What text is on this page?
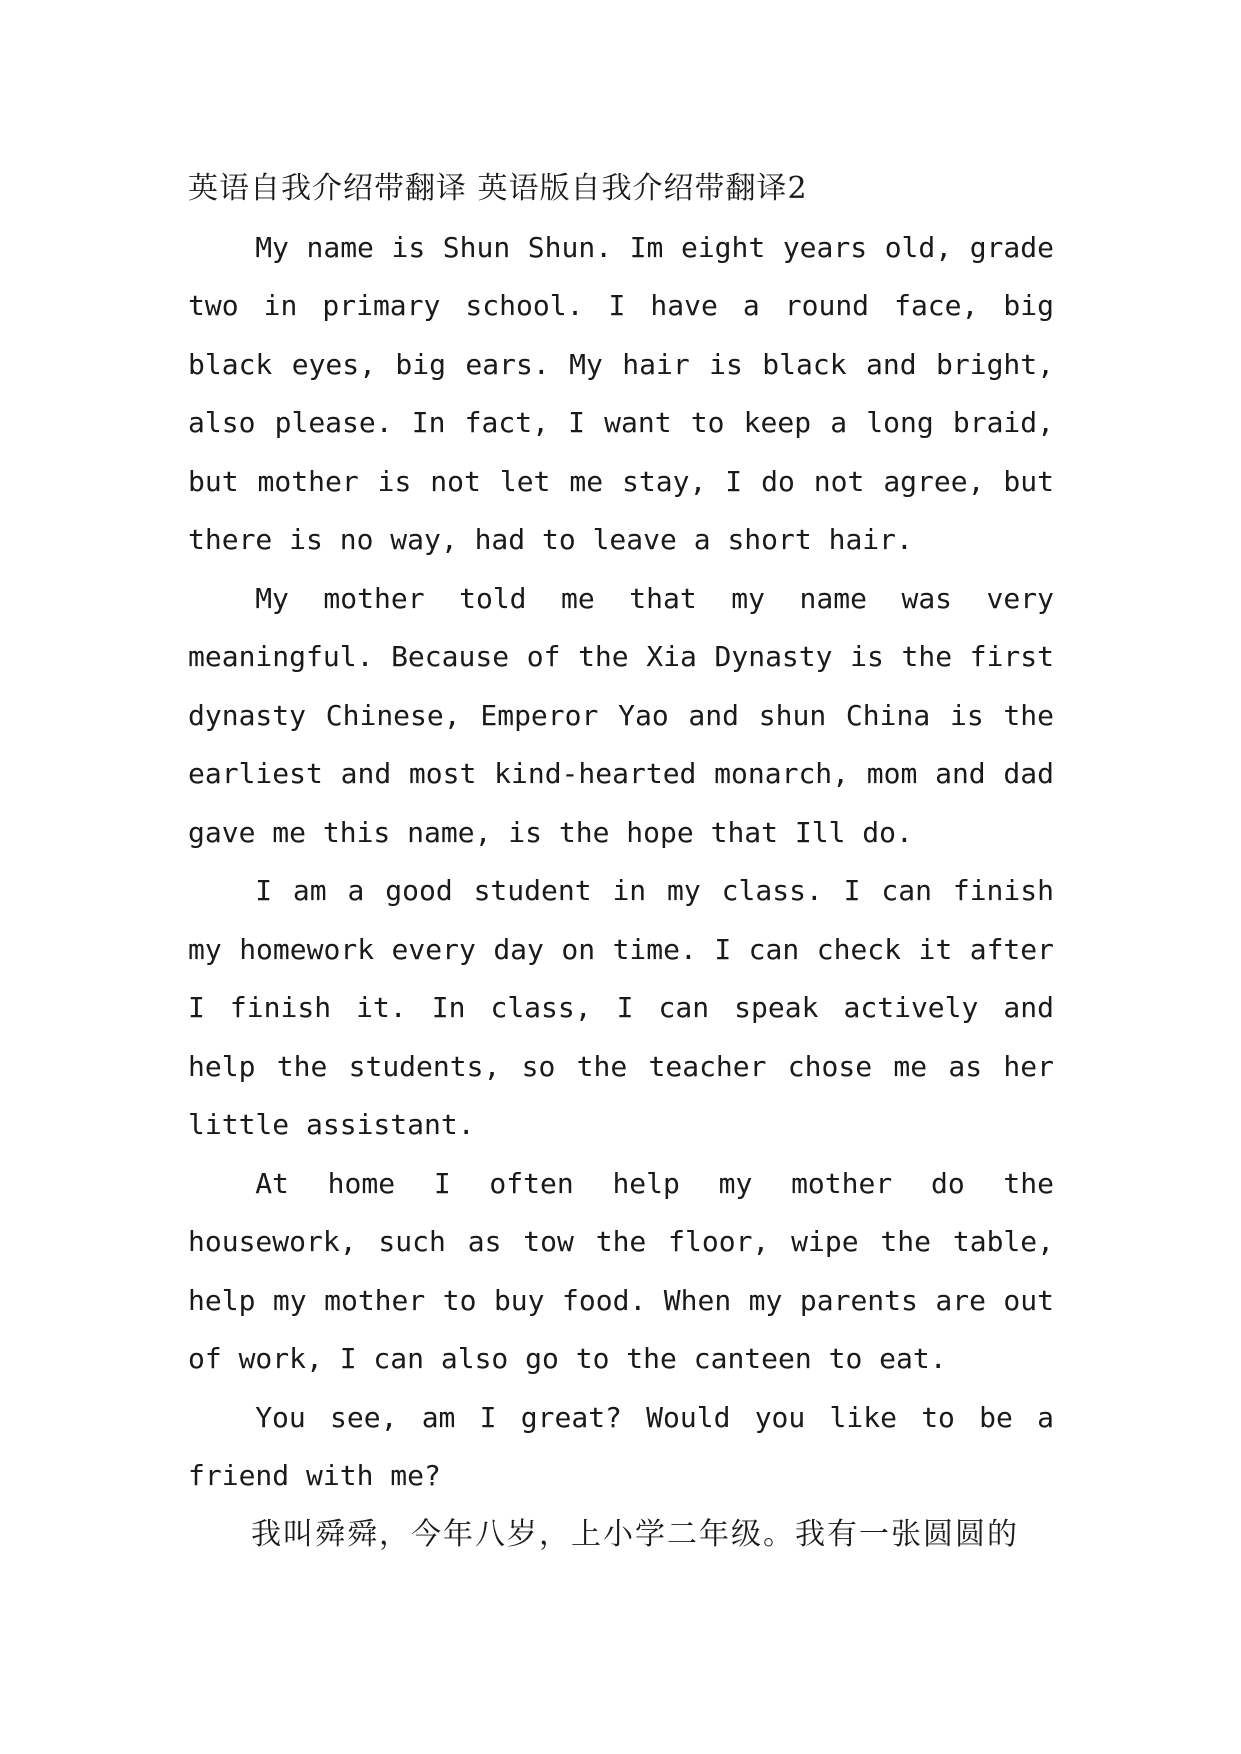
英语自我介绍带翻译 英语版自我介绍带翻译2

My name is Shun Shun. Im eight years old, grade two in primary school. I have a round face, big black eyes, big ears. My hair is black and bright, also please. In fact, I want to keep a long braid, but mother is not let me stay, I do not agree, but there is no way, had to leave a short hair.

My mother told me that my name was very meaningful. Because of the Xia Dynasty is the first dynasty Chinese, Emperor Yao and shun China is the earliest and most kind-hearted monarch, mom and dad gave me this name, is the hope that Ill do.

I am a good student in my class. I can finish my homework every day on time. I can check it after I finish it. In class, I can speak actively and help the students, so the teacher chose me as her little assistant.

At home I often help my mother do the housework, such as tow the floor, wipe the table, help my mother to buy food. When my parents are out of work, I can also go to the canteen to eat.

You see, am I great? Would you like to be a friend with me?

我叫舜舜，今年八岁，上小学二年级。我有一张圆圆的
